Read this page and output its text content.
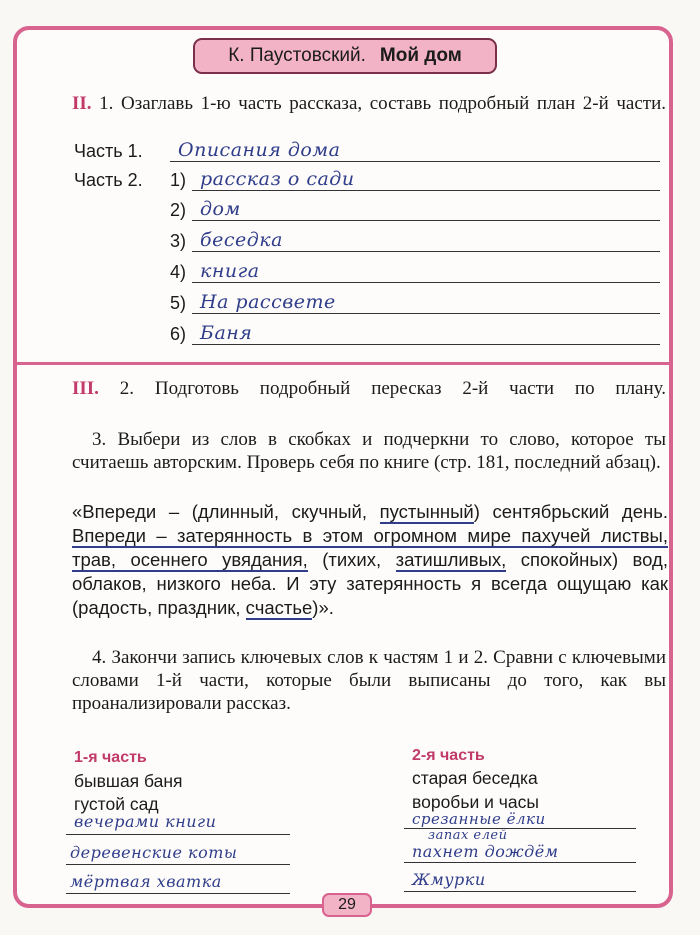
К. Паустовский. Мой дом
II. 1. Озаглавь 1-ю часть рассказа, составь подробный план 2-й части.
Часть 1. Описания дома
Часть 2. 1) рассказ о сади
2) дом
3) беседка
4) книга
5) На рассвете
6) Баня
III. 2. Подготовь подробный пересказ 2-й части по плану.
3. Выбери из слов в скобках и подчеркни то слово, которое ты считаешь авторским. Проверь себя по книге (стр. 181, последний абзац).
«Впереди – (длинный, скучный, пустынный) сентябрьский день. Впереди – затерянность в этом огромном мире пахучей листвы, трав, осеннего увядания, (тихих, затишливых, спокойных) вод, облаков, низкого неба. И эту затерянность я всегда ощущаю как (радость, праздник, счастье)».
4. Закончи запись ключевых слов к частям 1 и 2. Сравни с ключевыми словами 1-й части, которые были выписаны до того, как вы проанализировали рассказ.
1-я часть
бывшая баня
густой сад
вечерами книги
деревенские коты
мёртвая хватка
2-я часть
старая беседка
воробьи и часы
срезанные ёлки
запах елей
пахнет дождём
Жмурки
29
